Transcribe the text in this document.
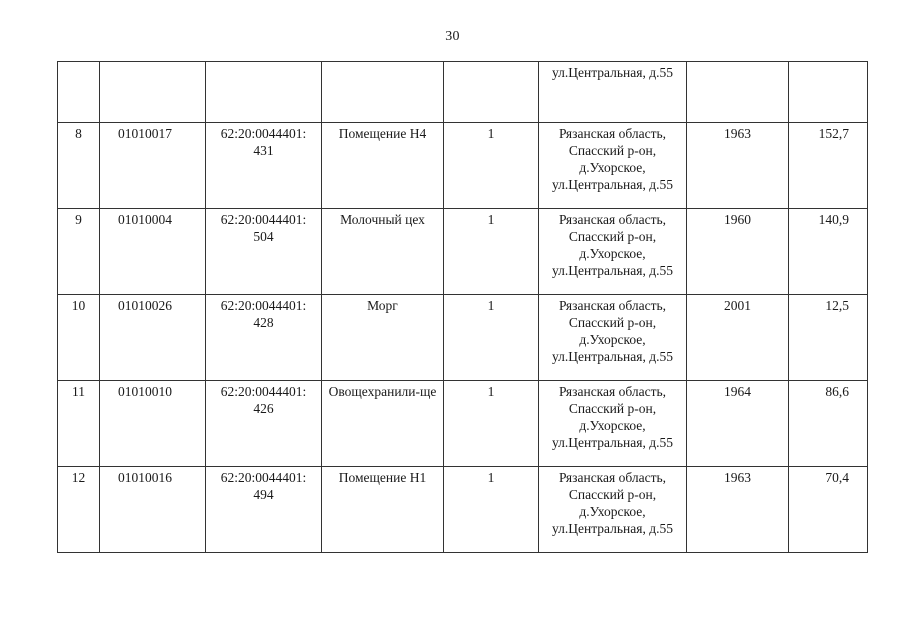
30
					ул.Центральная, д.55		
8	01010017	62:20:0044401: 431	Помещение Н4	1	Рязанская область, Спасский р-он, д.Ухорское, ул.Центральная, д.55	1963	152,7
9	01010004	62:20:0044401: 504	Молочный цех	1	Рязанская область, Спасский р-он, д.Ухорское, ул.Центральная, д.55	1960	140,9
10	01010026	62:20:0044401: 428	Морг	1	Рязанская область, Спасский р-он, д.Ухорское, ул.Центральная, д.55	2001	12,5
11	01010010	62:20:0044401: 426	Овощехранили-ще	1	Рязанская область, Спасский р-он, д.Ухорское, ул.Центральная, д.55	1964	86,6
12	01010016	62:20:0044401: 494	Помещение Н1	1	Рязанская область, Спасский р-он, д.Ухорское, ул.Центральная, д.55	1963	70,4
